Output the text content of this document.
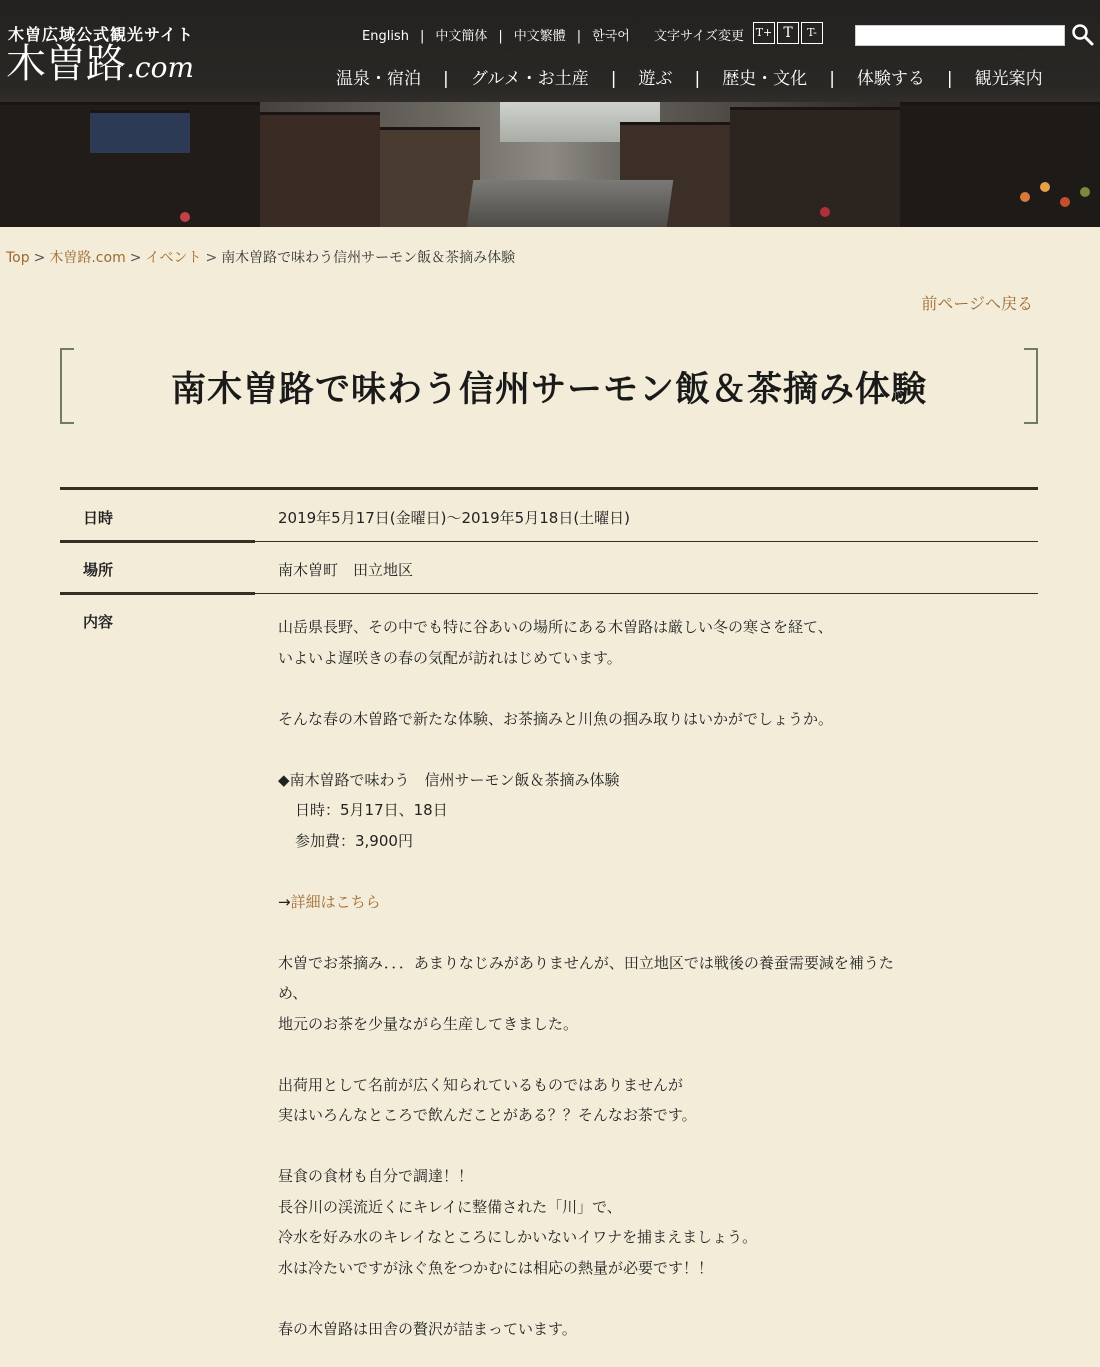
木曽広域公式観光サイト
木曽路.com
English | 中文簡体 | 中文繁體 | 한국어 文字サイズ変更 T+ T	T-
温泉・宿泊 | グルメ・お土産 | 遊ぶ | 歴史・文化 | 体験する | 観光案内
Top > 木曽路.com > イベント > 南木曽路で味わう信州サーモン飯＆茶摘み体験
前ページへ戻る
南木曽路で味わう信州サーモン飯＆茶摘み体験
日時	2019年5月17日(金曜日)〜2019年5月18日(土曜日)
場所	南木曽町　田立地区
内容	山岳県長野、その中でも特に谷あいの場所にある木曽路は厳しい冬の寒さを経て、

いよいよ遅咲きの春の気配が訪れはじめています。

そんな春の木曽路で新たな体験、お茶摘みと川魚の掴み取りはいかがでしょうか。

◆南木曽路で味わう　信州サーモン飯＆茶摘み体験

日時：5月17日、18日

参加費：3,900円

→詳細はこちら

木曽でお茶摘み．．．あまりなじみがありませんが、田立地区では戦後の養蚕需要減を補うた

め、

地元のお茶を少量ながら生産してきました。

出荷用として名前が広く知られているものではありませんが

実はいろんなところで飲んだことがある？？そんなお茶です。

昼食の食材も自分で調達！！

長谷川の渓流近くにキレイに整備された「川」で、

冷水を好み水のキレイなところにしかいないイワナを捕まえましょう。

水は冷たいですが泳ぐ魚をつかむには相応の熱量が必要です！！

春の木曽路は田舎の贅沢が詰まっています。
